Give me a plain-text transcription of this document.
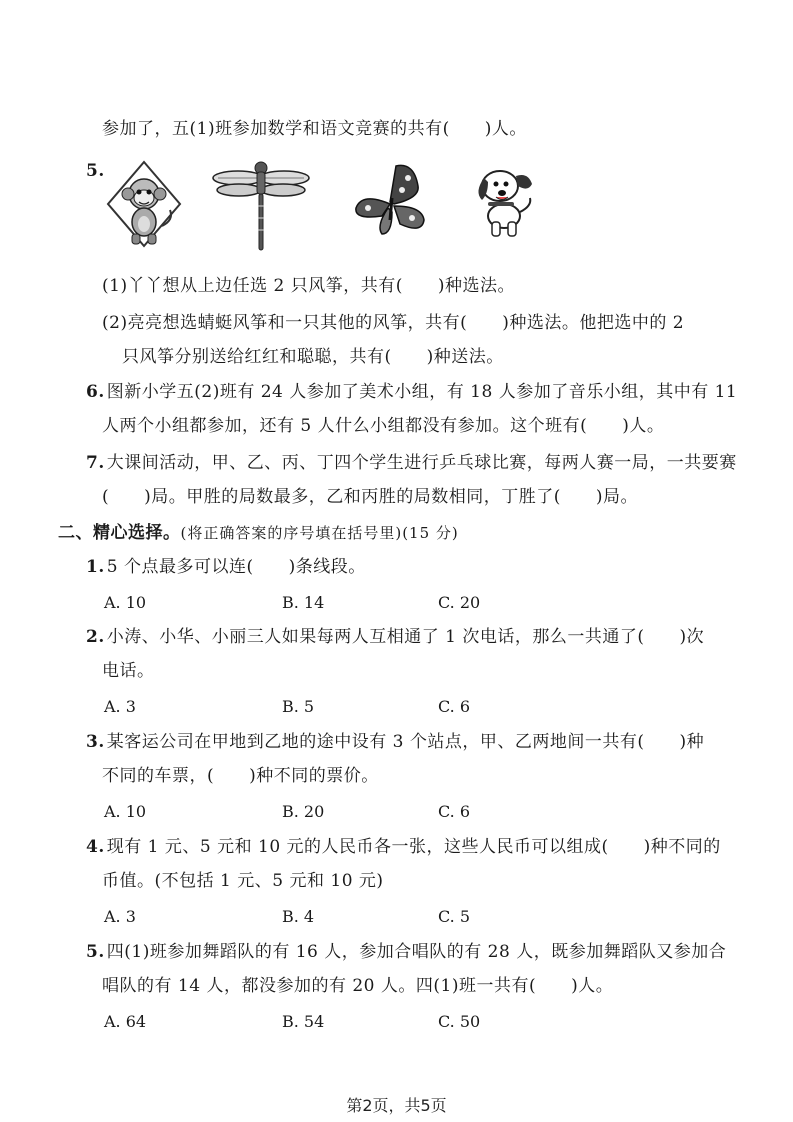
参加了，五(1)班参加数学和语文竞赛的共有(　　)人。
5.
(1)丫丫想从上边任选 2 只风筝，共有(　　)种选法。
(2)亮亮想选蜻蜓风筝和一只其他的风筝，共有(　　)种选法。他把选中的 2
只风筝分别送给红红和聪聪，共有(　　)种送法。
6. 图新小学五(2)班有 24 人参加了美术小组，有 18 人参加了音乐小组，其中有 11
人两个小组都参加，还有 5 人什么小组都没有参加。这个班有(　　)人。
7. 大课间活动，甲、乙、丙、丁四个学生进行乒乓球比赛，每两人赛一局，一共要赛
(　　)局。甲胜的局数最多，乙和丙胜的局数相同，丁胜了(　　)局。
二、精心选择。(将正确答案的序号填在括号里)(15 分)
1. 5 个点最多可以连(　　)条线段。
A. 10	B. 14	C. 20
2. 小涛、小华、小丽三人如果每两人互相通了 1 次电话，那么一共通了(　　)次
电话。
A. 3	B. 5	C. 6
3. 某客运公司在甲地到乙地的途中设有 3 个站点，甲、乙两地间一共有(　　)种
不同的车票，(　　)种不同的票价。
A. 10	B. 20	C. 6
4. 现有 1 元、5 元和 10 元的人民币各一张，这些人民币可以组成(　　)种不同的
币值。(不包括 1 元、5 元和 10 元)
A. 3	B. 4	C. 5
5. 四(1)班参加舞蹈队的有 16 人，参加合唱队的有 28 人，既参加舞蹈队又参加合
唱队的有 14 人，都没参加的有 20 人。四(1)班一共有(　　)人。
A. 64	B. 54	C. 50
第2页，共5页
